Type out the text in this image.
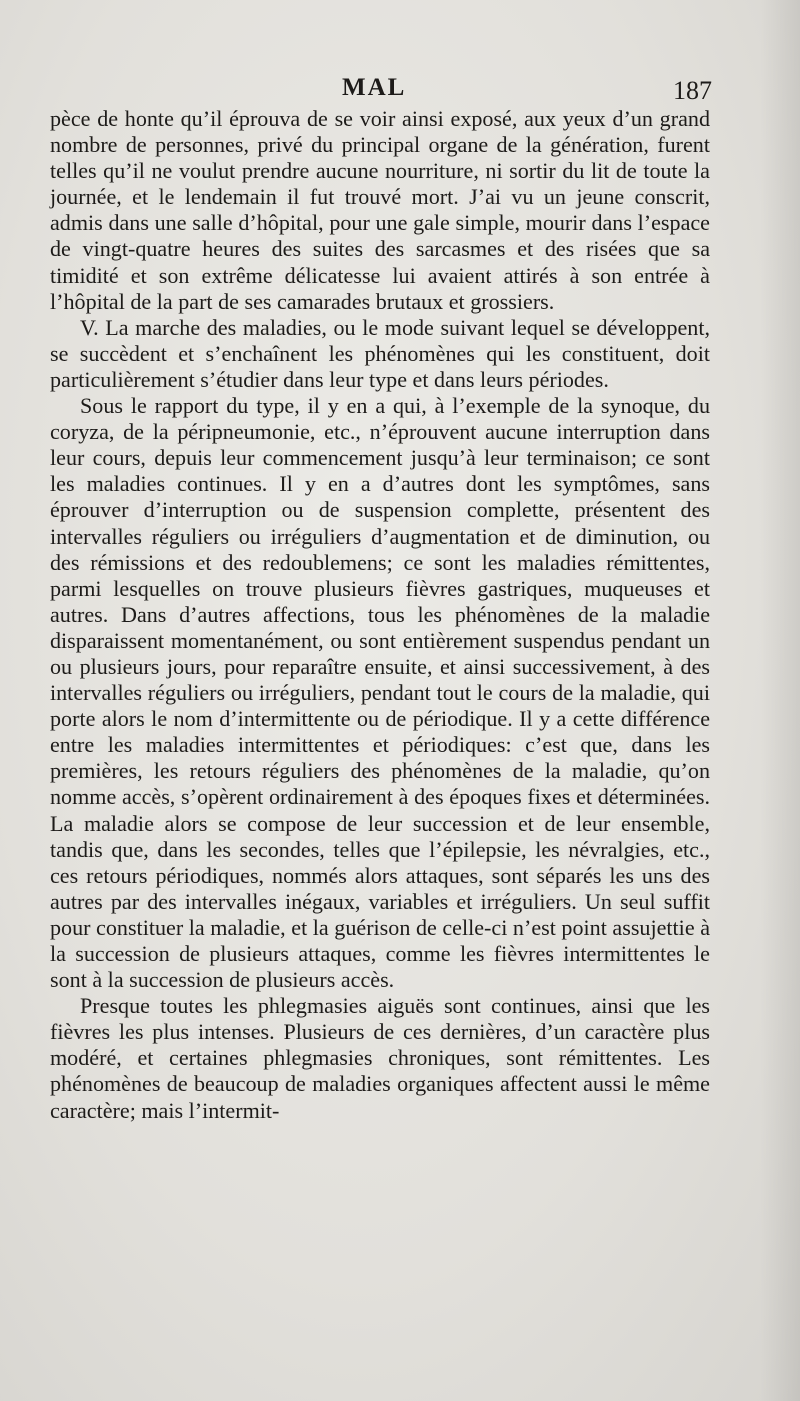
MAL	187

pèce de honte qu’il éprouva de se voir ainsi exposé, aux yeux d’un grand nombre de personnes, privé du principal organe de la génération, furent telles qu’il ne voulut prendre aucune nourriture, ni sortir du lit de toute la journée, et le lendemain il fut trouvé mort. J’ai vu un jeune conscrit, admis dans une salle d’hôpital, pour une gale simple, mourir dans l’espace de vingt-quatre heures des suites des sarcasmes et des risées que sa timidité et son extrême délicatesse lui avaient attirés à son entrée à l’hôpital de la part de ses camarades brutaux et grossiers.

V. La marche des maladies, ou le mode suivant lequel se développent, se succèdent et s’enchaînent les phénomènes qui les constituent, doit particulièrement s’étudier dans leur type et dans leurs périodes.

Sous le rapport du type, il y en a qui, à l’exemple de la synoque, du coryza, de la péripneumonie, etc., n’éprouvent aucune interruption dans leur cours, depuis leur commencement jusqu’à leur terminaison; ce sont les maladies continues. Il y en a d’autres dont les symptômes, sans éprouver d’interruption ou de suspension complette, présentent des intervalles réguliers ou irréguliers d’augmentation et de diminution, ou des rémissions et des redoublemens; ce sont les maladies rémittentes, parmi lesquelles on trouve plusieurs fièvres gastriques, muqueuses et autres. Dans d’autres affections, tous les phénomènes de la maladie disparaissent momentanément, ou sont entièrement suspendus pendant un ou plusieurs jours, pour reparaître ensuite, et ainsi successivement, à des intervalles réguliers ou irréguliers, pendant tout le cours de la maladie, qui porte alors le nom d’intermittente ou de périodique. Il y a cette différence entre les maladies intermittentes et périodiques: c’est que, dans les premières, les retours réguliers des phénomènes de la maladie, qu’on nomme accès, s’opèrent ordinairement à des époques fixes et déterminées. La maladie alors se compose de leur succession et de leur ensemble, tandis que, dans les secondes, telles que l’épilepsie, les névralgies, etc., ces retours périodiques, nommés alors attaques, sont séparés les uns des autres par des intervalles inégaux, variables et irréguliers. Un seul suffit pour constituer la maladie, et la guérison de celle-ci n’est point assujettie à la succession de plusieurs attaques, comme les fièvres intermittentes le sont à la succession de plusieurs accès.

Presque toutes les phlegmasies aiguës sont continues, ainsi que les fièvres les plus intenses. Plusieurs de ces dernières, d’un caractère plus modéré, et certaines phlegmasies chroniques, sont rémittentes. Les phénomènes de beaucoup de maladies organiques affectent aussi le même caractère; mais l’intermit-
